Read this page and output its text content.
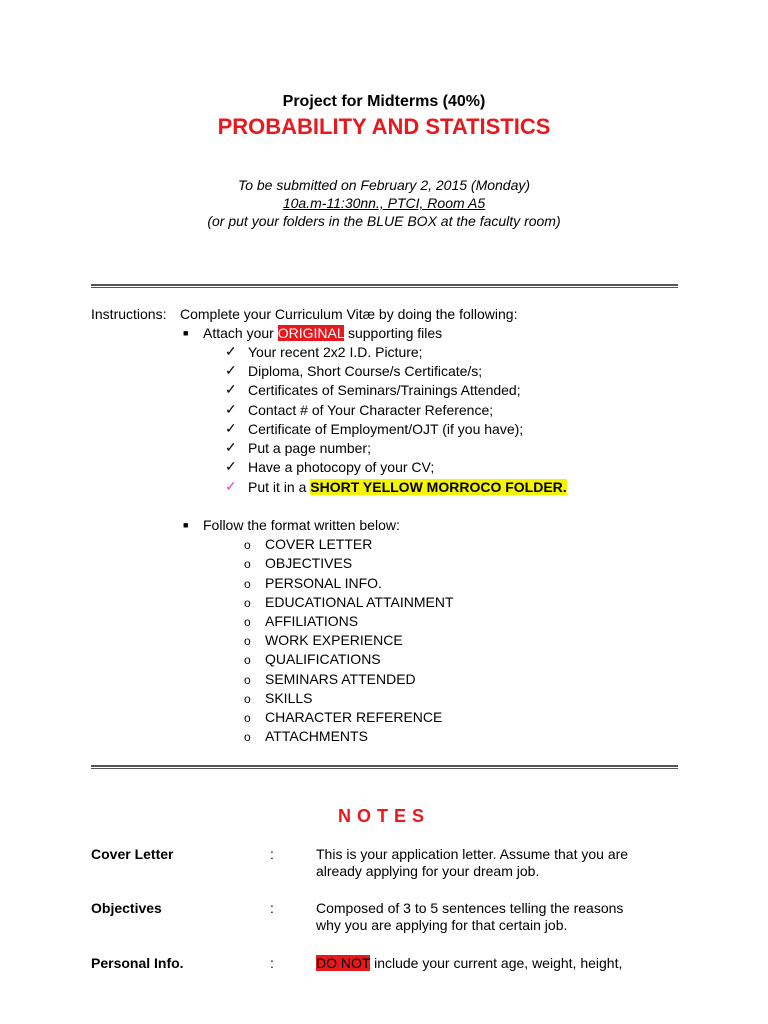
Project for Midterms (40%)
PROBABILITY AND STATISTICS
To be submitted on February 2, 2015 (Monday)
10a.m-11:30nn., PTCI, Room A5
(or put your folders in the BLUE BOX at the faculty room)
Instructions: Complete your Curriculum Vitæ by doing the following:
■ Attach your ORIGINAL supporting files
✓ Your recent 2x2 I.D. Picture;
✓ Diploma, Short Course/s Certificate/s;
✓ Certificates of Seminars/Trainings Attended;
✓ Contact # of Your Character Reference;
✓ Certificate of Employment/OJT (if you have);
✓ Put a page number;
✓ Have a photocopy of your CV;
✓ Put it in a SHORT YELLOW MORROCO FOLDER.
■ Follow the format written below:
o COVER LETTER
o OBJECTIVES
o PERSONAL INFO.
o EDUCATIONAL ATTAINMENT
o AFFILIATIONS
o WORK EXPERIENCE
o QUALIFICATIONS
o SEMINARS ATTENDED
o SKILLS
o CHARACTER REFERENCE
o ATTACHMENTS
NOTES
Cover Letter	:	This is your application letter. Assume that you are
already applying for your dream job.
Objectives	:	Composed of 3 to 5 sentences telling the reasons
why you are applying for that certain job.
Personal Info.	:	DO NOT include your current age, weight, height,
